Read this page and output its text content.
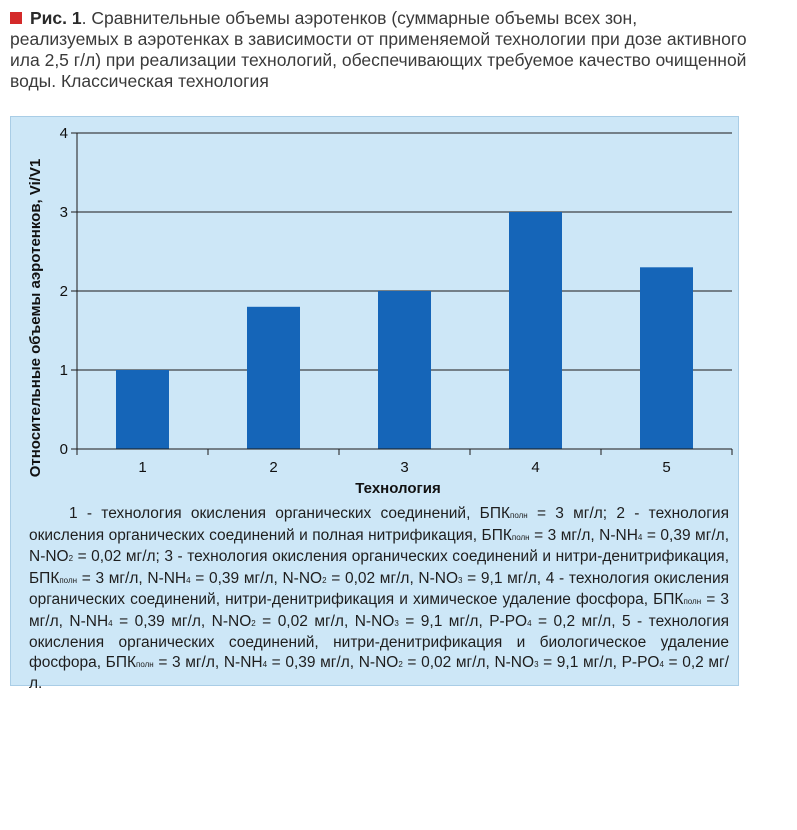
Рис. 1. Сравнительные объемы аэротенков (суммарные объемы всех зон, реализуемых в аэротенках в зависимости от применяемой технологии при дозе активного ила 2,5 г/л) при реализации технологий, обеспечивающих требуемое качество очищенной воды. Классическая технология
0
1
2
3
4
1	2	3	4	5
Технология
Относительные объемы аэротенков, Vi/V1
1 - технология окисления органических соединений, БПКполн = 3 мг/л; 2 - технология окисления органических соединений и полная нитрификация, БПКполн = 3 мг/л, N-NH4 = 0,39 мг/л, N-NO2 = 0,02 мг/л; 3 - технология окисления органических соединений и нитри-денитрификация, БПКполн = 3 мг/л, N-NH4 = 0,39 мг/л, N-NO2 = 0,02 мг/л, N-NO3 = 9,1 мг/л, 4 - технология окисления органических соединений, нитри-денитрификация и химическое удаление фосфора, БПКполн = 3 мг/л, N-NH4 = 0,39 мг/л, N-NO2 = 0,02 мг/л, N-NO3 = 9,1 мг/л, P-PO4 = 0,2 мг/л, 5 - технология окисления органических соединений, нитри-денитрификация и биологическое удаление фосфора, БПКполн = 3 мг/л, N-NH4 = 0,39 мг/л, N-NO2 = 0,02 мг/л, N-NO3 = 9,1 мг/л, P-PO4 = 0,2 мг/л.
